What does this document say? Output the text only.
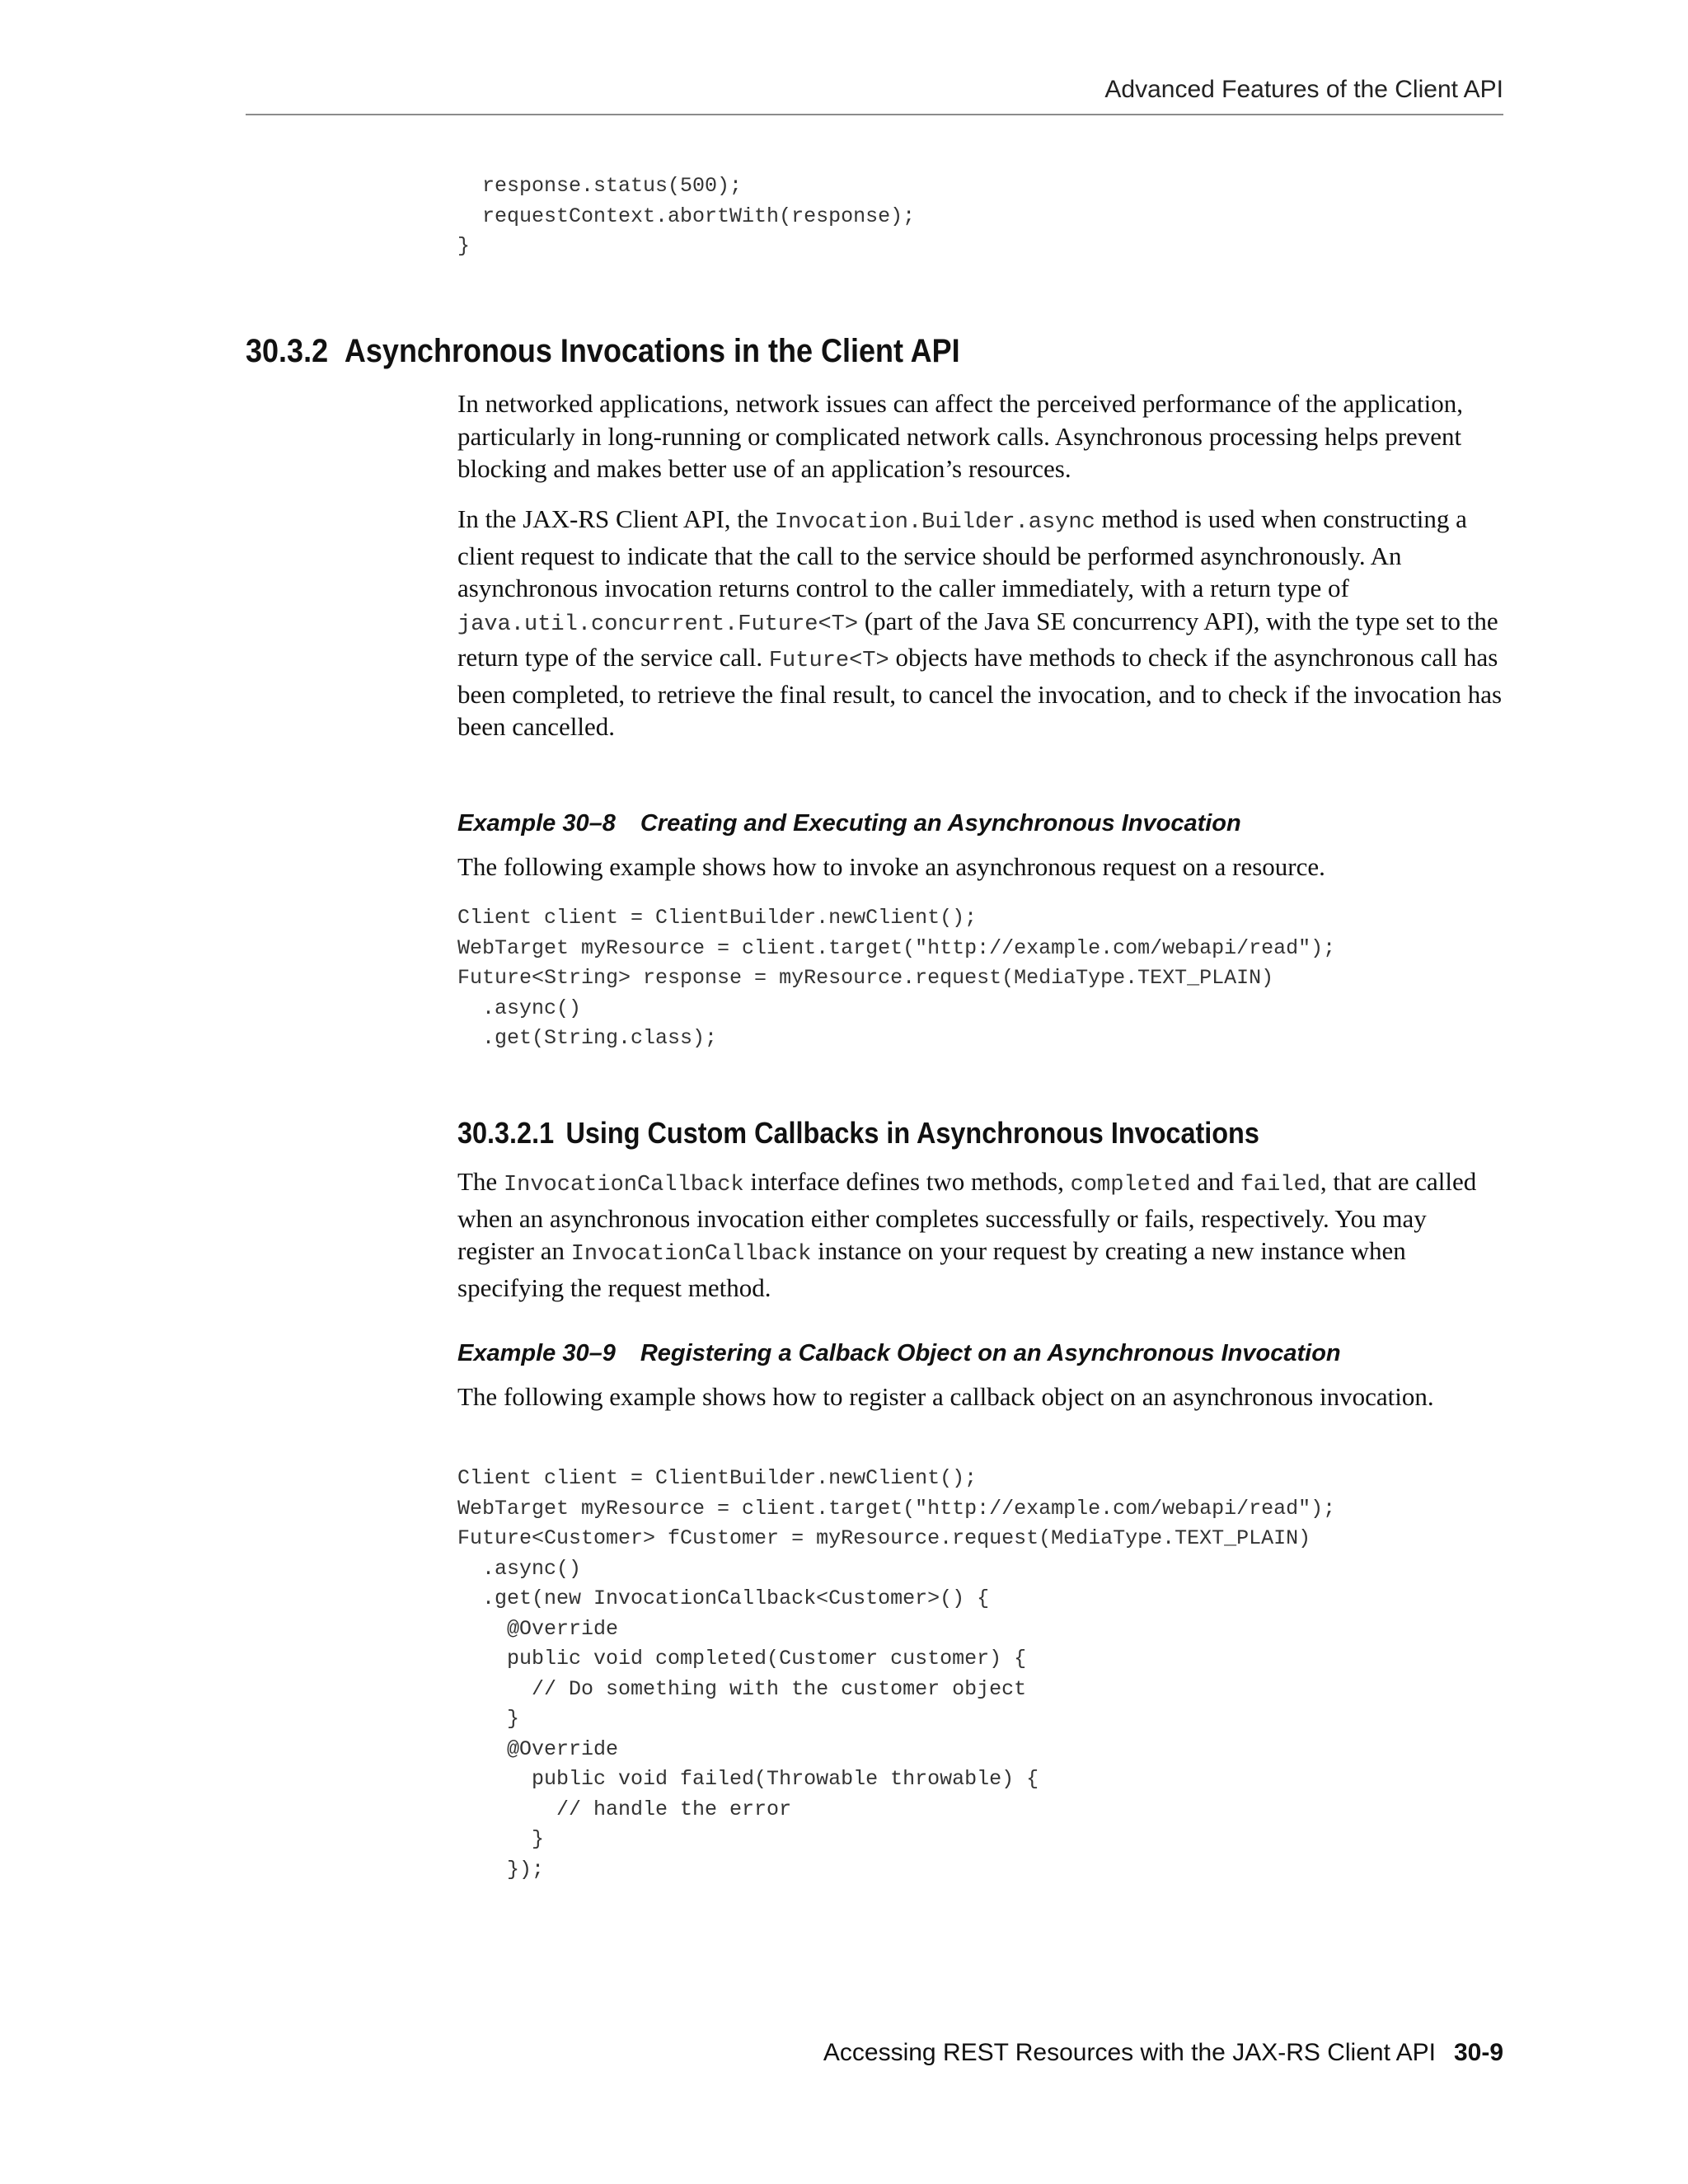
Advanced Features of the Client API
response.status(500);
requestContext.abortWith(response);
}
30.3.2 Asynchronous Invocations in the Client API

In networked applications, network issues can affect the perceived performance of the application, particularly in long-running or complicated network calls. Asynchronous processing helps prevent blocking and makes better use of an application’s resources.

In the JAX-RS Client API, the Invocation.Builder.async method is used when constructing a client request to indicate that the call to the service should be performed asynchronously. An asynchronous invocation returns control to the caller immediately, with a return type of java.util.concurrent.Future<T> (part of the Java SE concurrency API), with the type set to the return type of the service call. Future<T> objects have methods to check if the asynchronous call has been completed, to retrieve the final result, to cancel the invocation, and to check if the invocation has been cancelled.

Example 30–8 Creating and Executing an Asynchronous Invocation

The following example shows how to invoke an asynchronous request on a resource.

Client client = ClientBuilder.newClient();
WebTarget myResource = client.target("http://example.com/webapi/read");
Future<String> response = myResource.request(MediaType.TEXT_PLAIN)
.async()
.get(String.class);
30.3.2.1 Using Custom Callbacks in Asynchronous Invocations

The InvocationCallback interface defines two methods, completed and failed, that are called when an asynchronous invocation either completes successfully or fails, respectively. You may register an InvocationCallback instance on your request by creating a new instance when specifying the request method.

Example 30–9 Registering a Calback Object on an Asynchronous Invocation

The following example shows how to register a callback object on an asynchronous invocation.

Client client = ClientBuilder.newClient();
WebTarget myResource = client.target("http://example.com/webapi/read");
Future<Customer> fCustomer = myResource.request(MediaType.TEXT_PLAIN)
.async()
.get(new InvocationCallback<Customer>() {
@Override
public void completed(Customer customer) {
// Do something with the customer object
}
@Override
public void failed(Throwable throwable) {
// handle the error
}
});
Accessing REST Resources with the JAX-RS Client API 30-9
